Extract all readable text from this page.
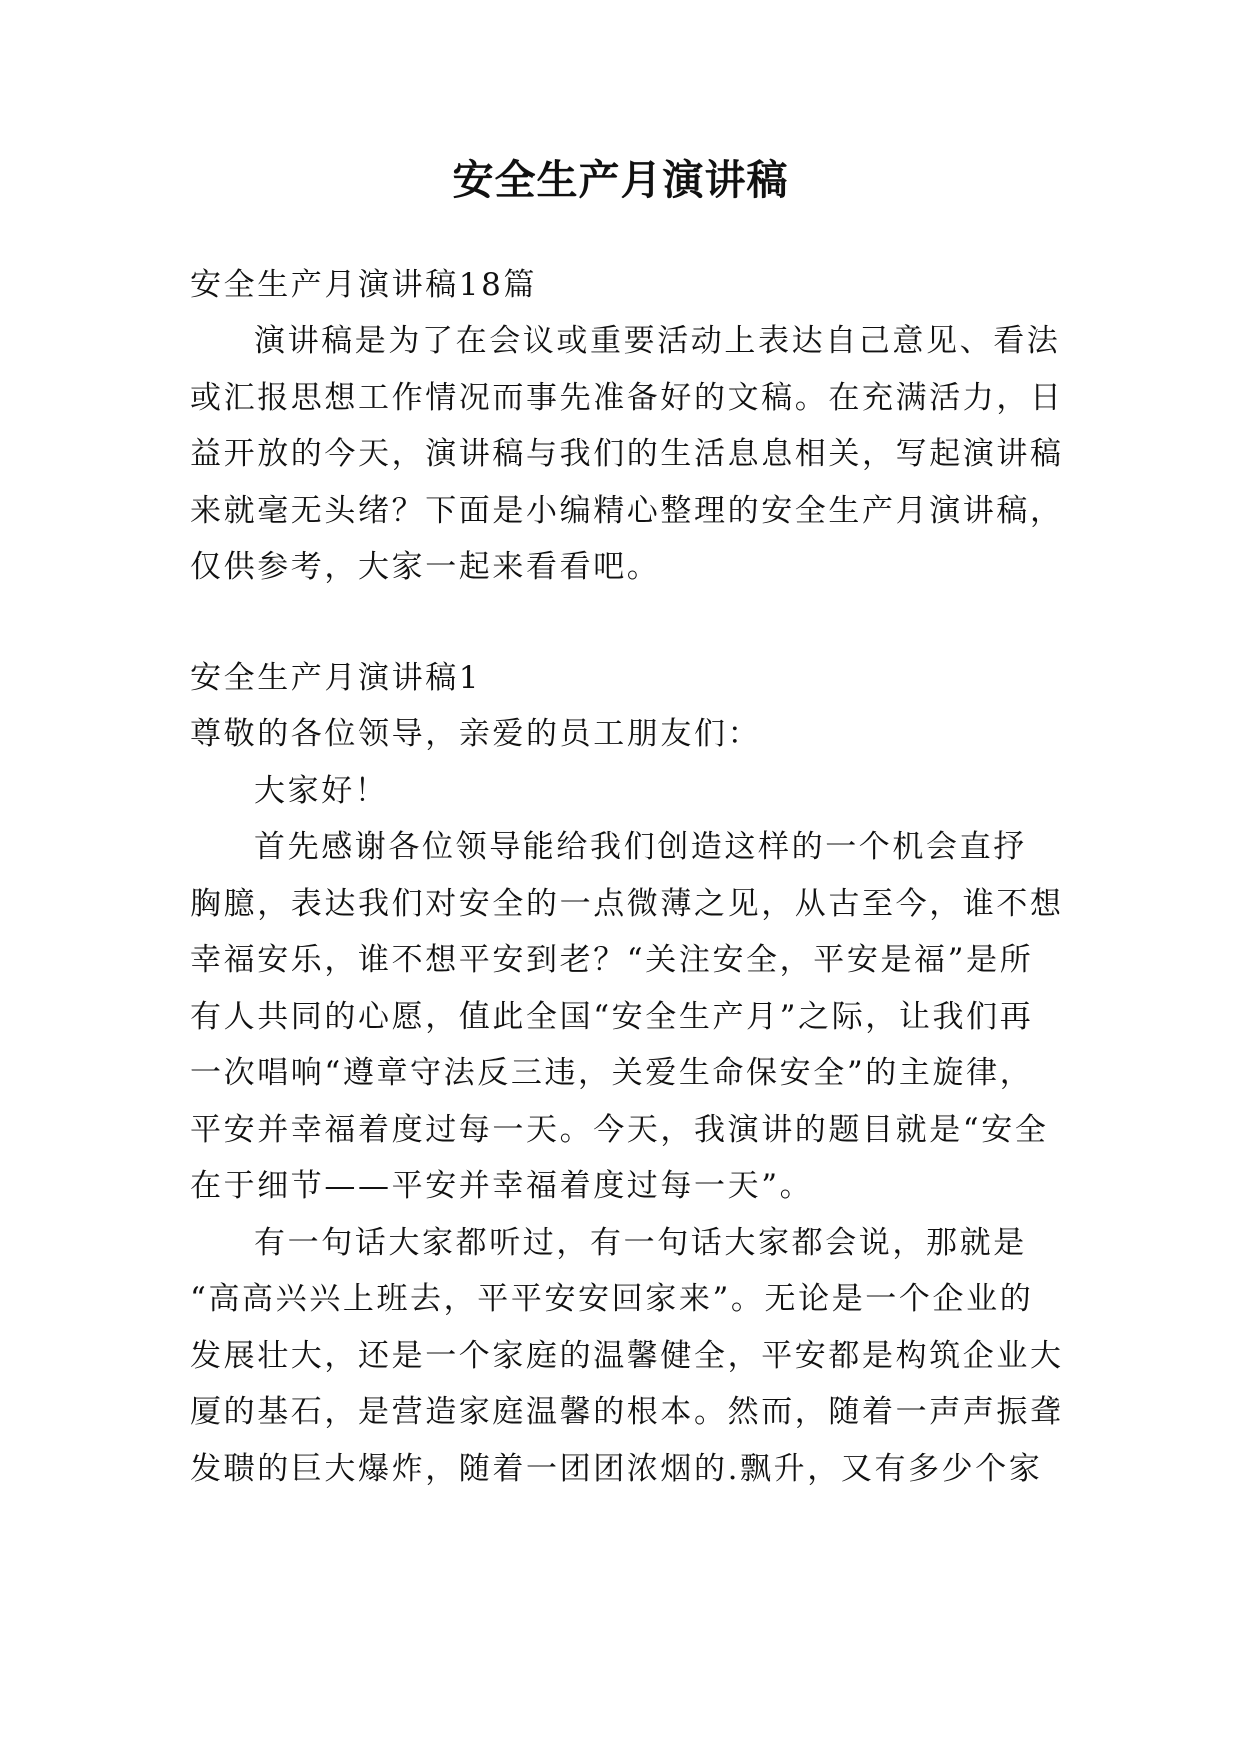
安全生产月演讲稿
安全生产月演讲稿18篇
演讲稿是为了在会议或重要活动上表达自己意见、看法
或汇报思想工作情况而事先准备好的文稿。在充满活力，日
益开放的今天，演讲稿与我们的生活息息相关，写起演讲稿
来就毫无头绪？下面是小编精心整理的安全生产月演讲稿，
仅供参考，大家一起来看看吧。
安全生产月演讲稿1
尊敬的各位领导，亲爱的员工朋友们：
大家好！
首先感谢各位领导能给我们创造这样的一个机会直抒
胸臆，表达我们对安全的一点微薄之见，从古至今，谁不想
幸福安乐，谁不想平安到老？“关注安全，平安是福”是所
有人共同的心愿，值此全国“安全生产月”之际，让我们再
一次唱响“遵章守法反三违，关爱生命保安全”的主旋律，
平安并幸福着度过每一天。今天，我演讲的题目就是“安全
在于细节——平安并幸福着度过每一天”。
有一句话大家都听过，有一句话大家都会说，那就是
“高高兴兴上班去，平平安安回家来”。无论是一个企业的
发展壮大，还是一个家庭的温馨健全，平安都是构筑企业大
厦的基石，是营造家庭温馨的根本。然而，随着一声声振聋
发聩的巨大爆炸，随着一团团浓烟的.飘升，又有多少个家
